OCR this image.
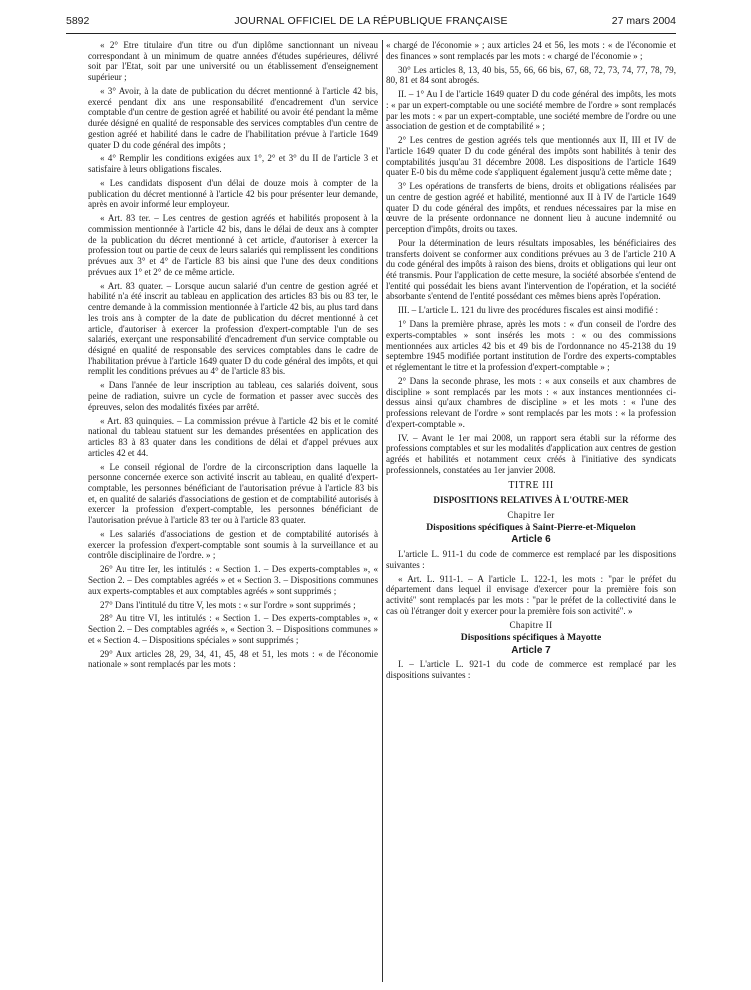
5892	JOURNAL OFFICIEL DE LA RÉPUBLIQUE FRANÇAISE	27 mars 2004

« 2° Etre titulaire d'un titre ou d'un diplôme sanctionnant un niveau correspondant à un minimum de quatre années d'études supérieures, délivré soit par l'Etat, soit par une université ou un établissement d'enseignement supérieur ;

« 3° Avoir, à la date de publication du décret mentionné à l'article 42 bis, exercé pendant dix ans une responsabilité d'encadrement d'un service comptable d'un centre de gestion agréé et habilité ou avoir été pendant la même durée désigné en qualité de responsable des services comptables d'un centre de gestion agréé et habilité dans le cadre de l'habilitation prévue à l'article 1649 quater D du code général des impôts ;

« 4° Remplir les conditions exigées aux 1°, 2° et 3° du II de l'article 3 et satisfaire à leurs obligations fiscales.

« Les candidats disposent d'un délai de douze mois à compter de la publication du décret mentionné à l'article 42 bis pour présenter leur demande, après en avoir informé leur employeur.

« Art. 83 ter. – Les centres de gestion agréés et habilités proposent à la commission mentionnée à l'article 42 bis, dans le délai de deux ans à compter de la publication du décret mentionné à cet article, d'autoriser à exercer la profession tout ou partie de ceux de leurs salariés qui remplissent les conditions prévues aux 3° et 4° de l'article 83 bis ainsi que l'une des deux conditions prévues aux 1° et 2° de ce même article.

« Art. 83 quater. – Lorsque aucun salarié d'un centre de gestion agréé et habilité n'a été inscrit au tableau en application des articles 83 bis ou 83 ter, le centre demande à la commission mentionnée à l'article 42 bis, au plus tard dans les trois ans à compter de la date de publication du décret mentionné à cet article, d'autoriser à exercer la profession d'expert-comptable l'un de ses salariés, exerçant une responsabilité d'encadrement d'un service comptable ou désigné en qualité de responsable des services comptables dans le cadre de l'habilitation prévue à l'article 1649 quater D du code général des impôts, et qui remplit les conditions prévues au 4° de l'article 83 bis.

« Dans l'année de leur inscription au tableau, ces salariés doivent, sous peine de radiation, suivre un cycle de formation et passer avec succès des épreuves, selon des modalités fixées par arrêté.

« Art. 83 quinquies. – La commission prévue à l'article 42 bis et le comité national du tableau statuent sur les demandes présentées en application des articles 83 à 83 quater dans les conditions de délai et d'appel prévues aux articles 42 et 44.

« Le conseil régional de l'ordre de la circonscription dans laquelle la personne concernée exerce son activité inscrit au tableau, en qualité d'expert-comptable, les personnes bénéficiant de l'autorisation prévue à l'article 83 bis et, en qualité de salariés d'associations de gestion et de comptabilité autorisés à exercer la profession d'expert-comptable, les personnes bénéficiant de l'autorisation prévue à l'article 83 ter ou à l'article 83 quater.

« Les salariés d'associations de gestion et de comptabilité autorisés à exercer la profession d'expert-comptable sont soumis à la surveillance et au contrôle disciplinaire de l'ordre. » ;

26° Au titre Ier, les intitulés : « Section 1. – Des experts-comptables », « Section 2. – Des comptables agréés » et « Section 3. – Dispositions communes aux experts-comptables et aux comptables agréés » sont supprimés ;

27° Dans l'intitulé du titre V, les mots : « sur l'ordre » sont supprimés ;

28° Au titre VI, les intitulés : « Section 1. – Des experts-comptables », « Section 2. – Des comptables agréés », « Section 3. – Dispositions communes » et « Section 4. – Dispositions spéciales » sont supprimés ;

29° Aux articles 28, 29, 34, 41, 45, 48 et 51, les mots : « de l'économie nationale » sont remplacés par les mots :

« chargé de l'économie » ; aux articles 24 et 56, les mots : « de l'économie et des finances » sont remplacés par les mots : « chargé de l'économie » ;

30° Les articles 8, 13, 40 bis, 55, 66, 66 bis, 67, 68, 72, 73, 74, 77, 78, 79, 80, 81 et 84 sont abrogés.

II. – 1° Au I de l'article 1649 quater D du code général des impôts, les mots : « par un expert-comptable ou une société membre de l'ordre » sont remplacés par les mots : « par un expert-comptable, une société membre de l'ordre ou une association de gestion et de comptabilité » ;

2° Les centres de gestion agréés tels que mentionnés aux II, III et IV de l'article 1649 quater D du code général des impôts sont habilités à tenir des comptabilités jusqu'au 31 décembre 2008. Les dispositions de l'article 1649 quater E-0 bis du même code s'appliquent également jusqu'à cette même date ;

3° Les opérations de transferts de biens, droits et obligations réalisées par un centre de gestion agréé et habilité, mentionné aux II à IV de l'article 1649 quater D du code général des impôts, et rendues nécessaires par la mise en œuvre de la présente ordonnance ne donnent lieu à aucune indemnité ou perception d'impôts, droits ou taxes.

Pour la détermination de leurs résultats imposables, les bénéficiaires des transferts doivent se conformer aux conditions prévues au 3 de l'article 210 A du code général des impôts à raison des biens, droits et obligations qui leur ont été transmis. Pour l'application de cette mesure, la société absorbée s'entend de l'entité qui possédait les biens avant l'intervention de l'opération, et la société absorbante s'entend de l'entité possédant ces mêmes biens après l'opération.

III. – L'article L. 121 du livre des procédures fiscales est ainsi modifié :

1° Dans la première phrase, après les mots : « d'un conseil de l'ordre des experts-comptables » sont insérés les mots : « ou des commissions mentionnées aux articles 42 bis et 49 bis de l'ordonnance no 45-2138 du 19 septembre 1945 modifiée portant institution de l'ordre des experts-comptables et réglementant le titre et la profession d'expert-comptable » ;

2° Dans la seconde phrase, les mots : « aux conseils et aux chambres de discipline » sont remplacés par les mots : « aux instances mentionnées ci-dessus ainsi qu'aux chambres de discipline » et les mots : « l'une des professions relevant de l'ordre » sont remplacés par les mots : « la profession d'expert-comptable ».

IV. – Avant le 1er mai 2008, un rapport sera établi sur la réforme des professions comptables et sur les modalités d'application aux centres de gestion agréés et habilités et notamment ceux créés à l'initiative des syndicats professionnels, constatées au 1er janvier 2008.

TITRE III

DISPOSITIONS RELATIVES À L'OUTRE-MER

Chapitre Ier

Dispositions spécifiques à Saint-Pierre-et-Miquelon

Article 6

L'article L. 911-1 du code de commerce est remplacé par les dispositions suivantes :

« Art. L. 911-1. – A l'article L. 122-1, les mots : "par le préfet du département dans lequel il envisage d'exercer pour la première fois son activité" sont remplacés par les mots : "par le préfet de la collectivité dans le cas où l'étranger doit y exercer pour la première fois son activité". »

Chapitre II

Dispositions spécifiques à Mayotte

Article 7

I. – L'article L. 921-1 du code de commerce est remplacé par les dispositions suivantes :
